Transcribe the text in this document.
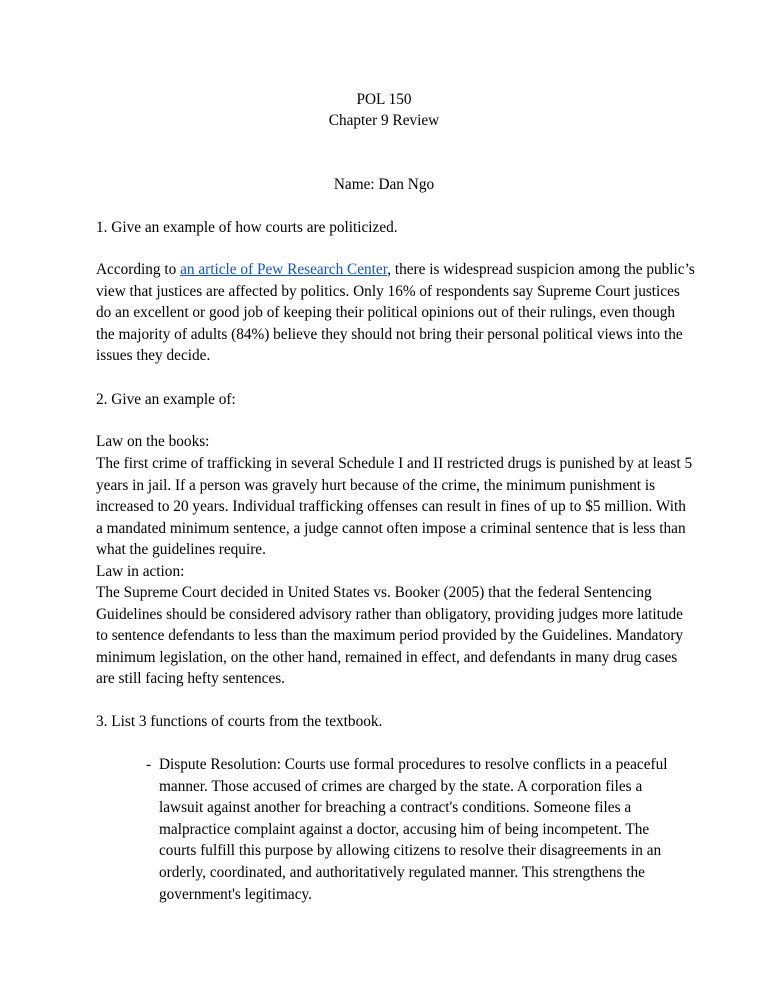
POL 150

Chapter 9 Review

Name: Dan Ngo

1. Give an example of how courts are politicized.

According to an article of Pew Research Center, there is widespread suspicion among the public’s view that justices are affected by politics. Only 16% of respondents say Supreme Court justices do an excellent or good job of keeping their political opinions out of their rulings, even though the majority of adults (84%) believe they should not bring their personal political views into the issues they decide.

2. Give an example of:

Law on the books:

The first crime of trafficking in several Schedule I and II restricted drugs is punished by at least 5 years in jail. If a person was gravely hurt because of the crime, the minimum punishment is increased to 20 years. Individual trafficking offenses can result in fines of up to $5 million. With a mandated minimum sentence, a judge cannot often impose a criminal sentence that is less than what the guidelines require.

Law in action:

The Supreme Court decided in United States vs. Booker (2005) that the federal Sentencing Guidelines should be considered advisory rather than obligatory, providing judges more latitude to sentence defendants to less than the maximum period provided by the Guidelines. Mandatory minimum legislation, on the other hand, remained in effect, and defendants in many drug cases are still facing hefty sentences.

3. List 3 functions of courts from the textbook.

- Dispute Resolution: Courts use formal procedures to resolve conflicts in a peaceful manner. Those accused of crimes are charged by the state. A corporation files a lawsuit against another for breaching a contract's conditions. Someone files a malpractice complaint against a doctor, accusing him of being incompetent. The courts fulfill this purpose by allowing citizens to resolve their disagreements in an orderly, coordinated, and authoritatively regulated manner. This strengthens the government's legitimacy.
